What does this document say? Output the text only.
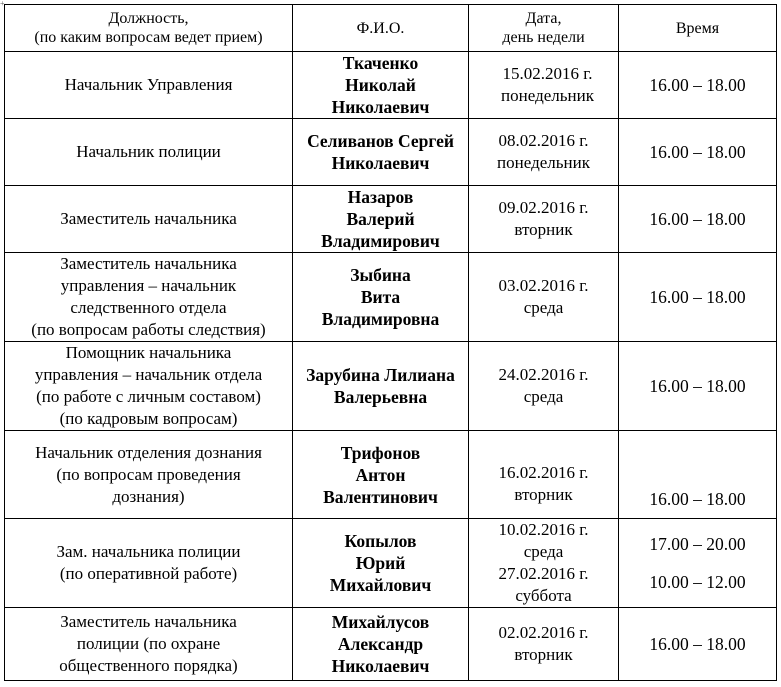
+
Должность,
(по каким вопросам ведет прием)	Ф.И.О.	Дата,
день недели	Время

Начальник Управления	Ткаченко
Николай
Николаевич	15.02.2016 г.
понедельник	16.00 – 18.00

Начальник полиции	Селиванов Сергей
Николаевич	08.02.2016 г.
понедельник	16.00 – 18.00

Заместитель начальника	Назаров
Валерий
Владимирович	09.02.2016 г.
вторник	16.00 – 18.00

Заместитель начальника
управления – начальник
следственного отдела
(по вопросам работы следствия)	Зыбина
Вита
Владимировна	03.02.2016 г.
среда	16.00 – 18.00

Помощник начальника
управления – начальник отдела
(по работе с личным составом)
(по кадровым вопросам)	Зарубина Лилиана
Валерьевна	24.02.2016 г.
среда	16.00 – 18.00

Начальник отделения дознания
(по вопросам проведения
дознания)	Трифонов
Антон
Валентинович	16.02.2016 г.
вторник	16.00 – 18.00

Зам. начальника полиции
(по оперативной работе)	Копылов
Юрий
Михайлович	10.02.2016 г.
среда
27.02.2016 г.
суббота	17.00 – 20.00
10.00 – 12.00

Заместитель начальника
полиции (по охране
общественного порядка)	Михайлусов
Александр
Николаевич	02.02.2016 г.
вторник	16.00 – 18.00
